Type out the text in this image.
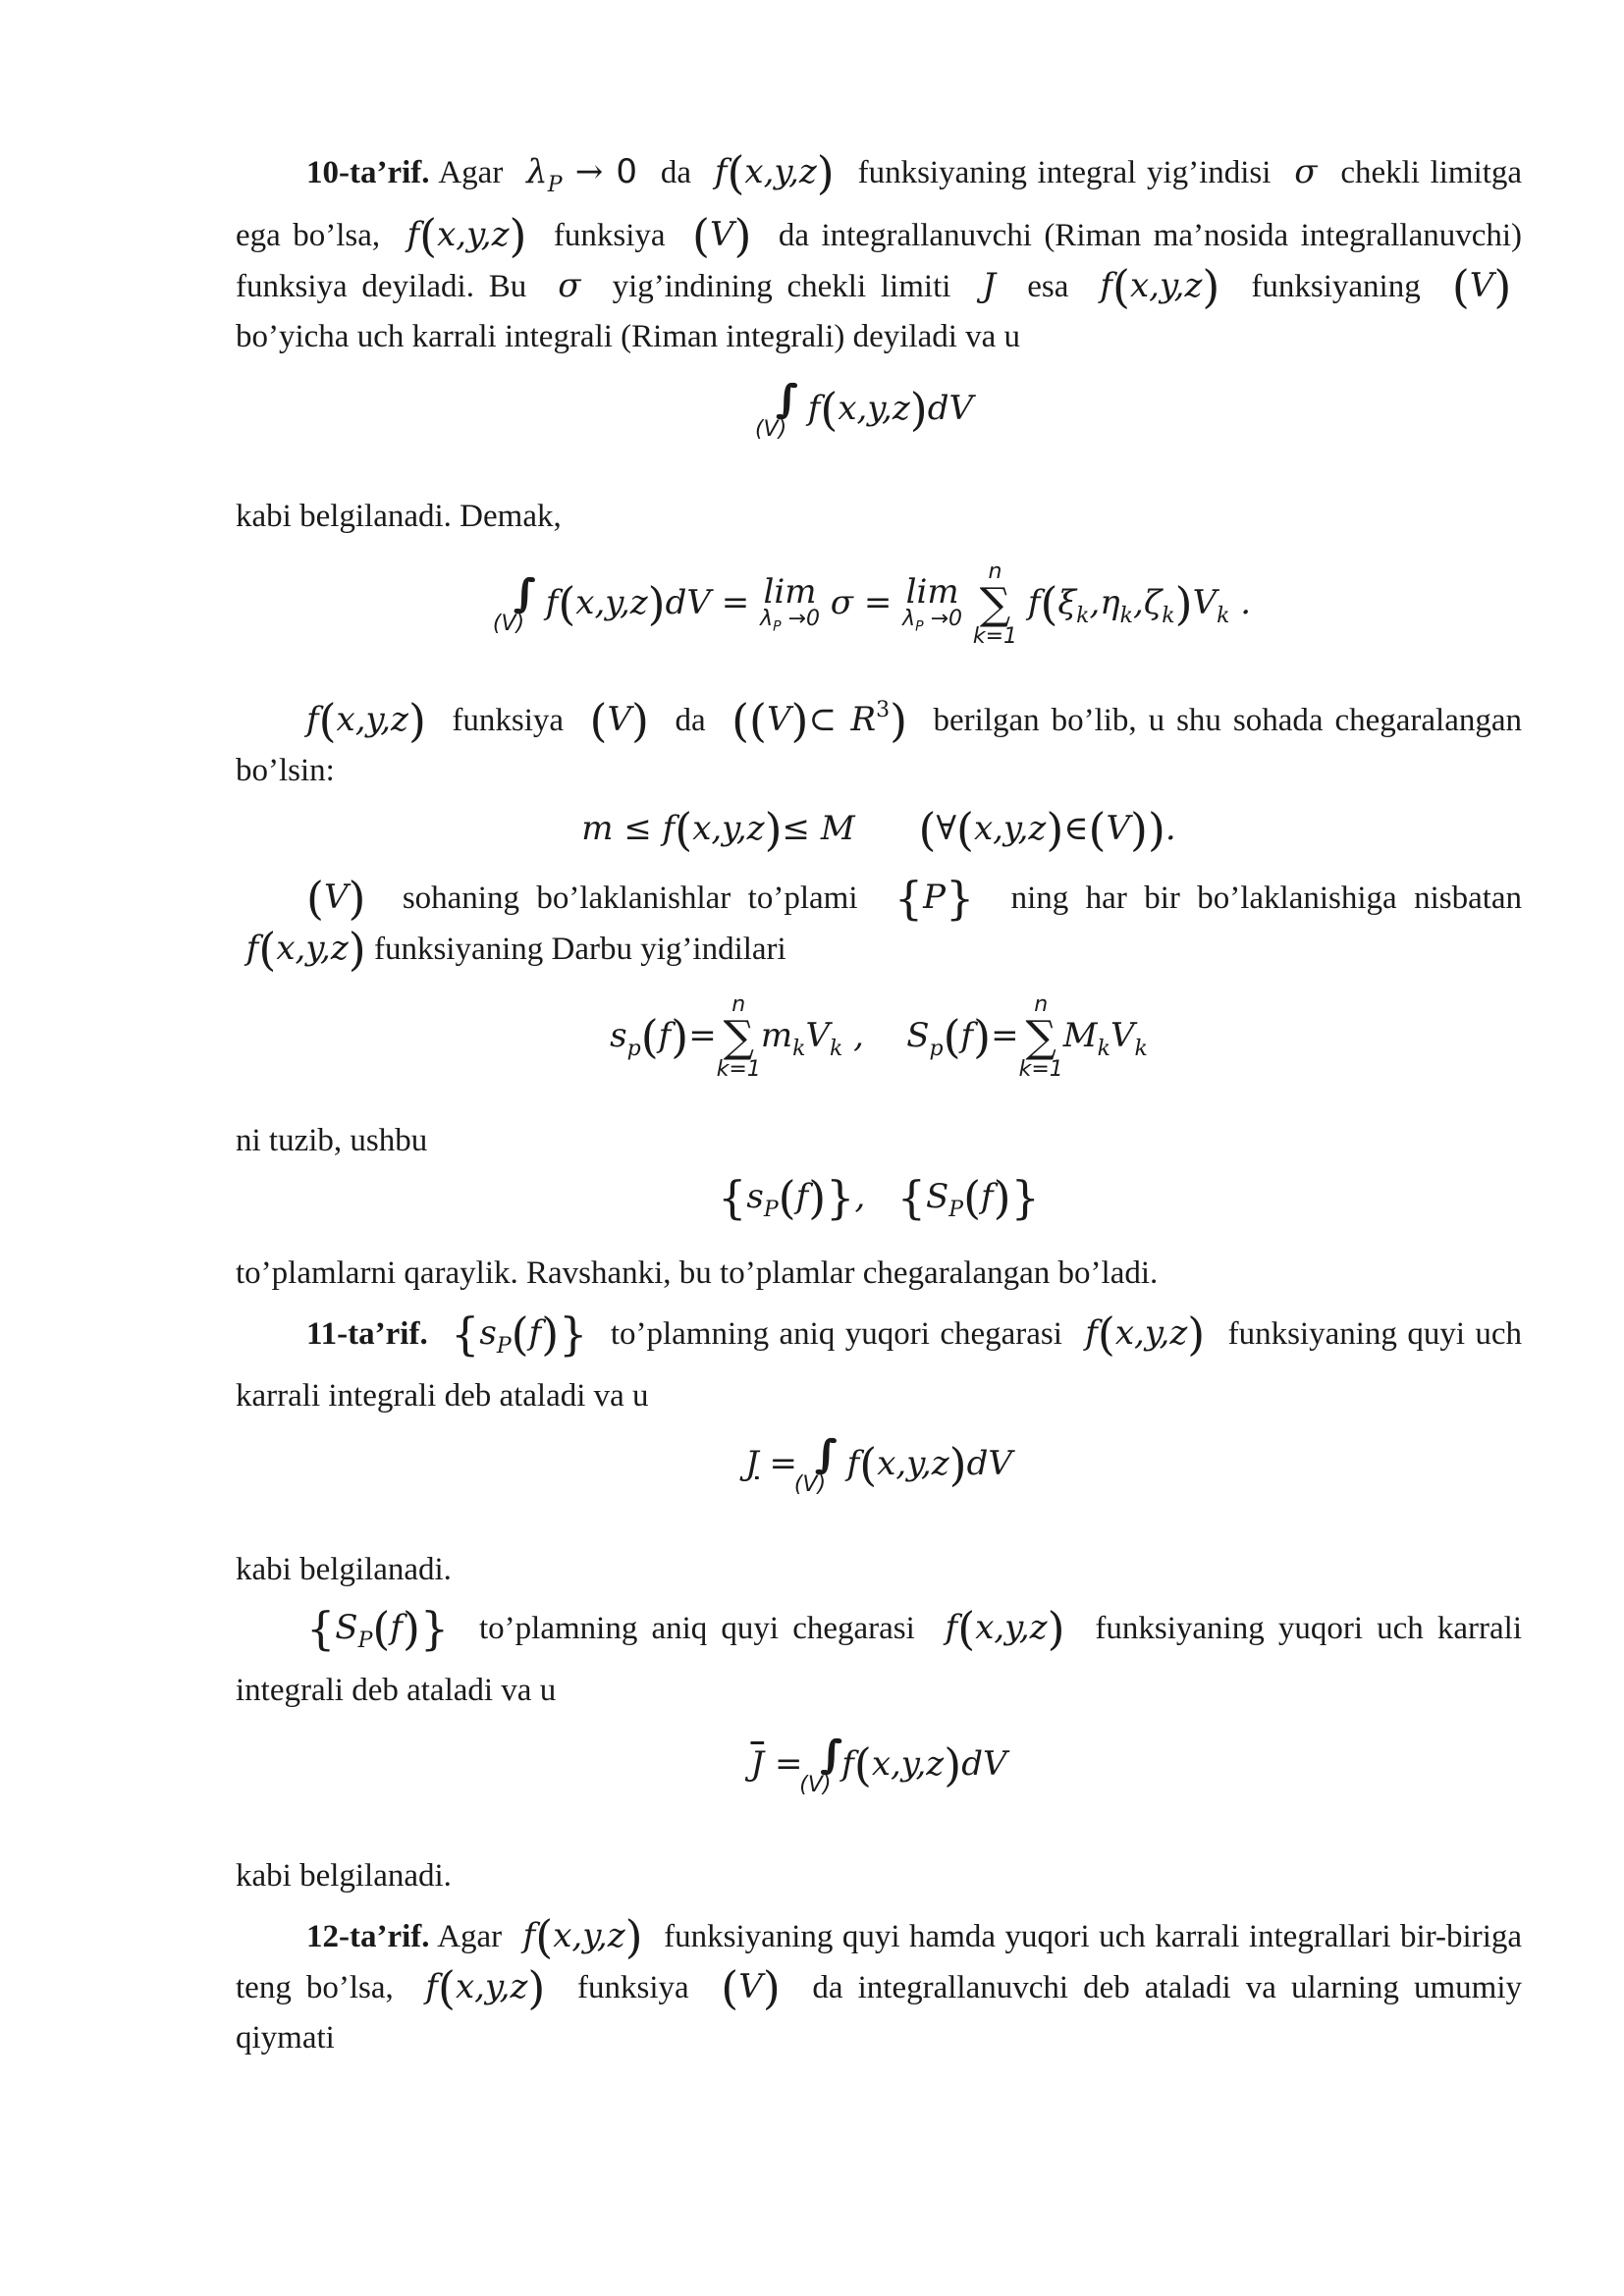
10-ta’rif. Agar  $\lambda_P \to 0$ da  f(x,y,z) funksiyaning integral yig’indisi  σ  chekli limitga ega bo’lsa,  f(x,y,z) funksiya (V) da integrallanuvchi (Riman ma’nosida integrallanuvchi) funksiya deyiladi. Bu  σ  yig’indining chekli limiti  J  esa  f(x,y,z) funksiyaning (V)  bo’yicha uch karrali integrali (Riman integrali) deyiladi va u

(V)
f(x,y,z)dV

kabi belgilanadi. Demak,

(V)
f(x,y,z)dV = lim
$\lambda_P \to 0$ σ = lim
$\lambda_P \to 0$

n
∑
k=1
$f(\xi_k,\eta_k,\zeta_k)V_k$ .

f(x,y,z) funksiya (V) da ((V)⊂ $R^3$) berilgan bo’lib, u shu sohada chegaralangan bo’lsin:

m ≤ f(x,y,z)≤ M      (∀(x,y,z)∈(V)).

(V) sohaning bo’laklanishlar to’plami {P} ning har bir bo’laklanishiga nisbatan  f(x,y,z) funksiyaning Darbu yig’indilari

$s_p(f)=$
n
∑
k=1
$m_kV_k$ ,    $S_p(f)=$
n
∑
k=1
$M_kV_k$

ni tuzib, ushbu

$\{s_P(f)\}$,   $\{S_P(f)\}$

to’plamlarni qaraylik. Ravshanki, bu to’plamlar chegaralangan bo’ladi.

11-ta’rif. $\{s_P(f)\}$ to’plamning aniq yuqori chegarasi  f(x,y,z) funksiyaning quyi uch karrali integrali deb ataladi va u

J =
(V)
f(x,y,z)dV

kabi belgilanadi.

$\{S_P(f)\}$ to’plamning aniq quyi chegarasi  f(x,y,z) funksiyaning yuqori uch karrali integrali deb ataladi va u

$\overline{J}$ =
(V)
f(x,y,z)dV

kabi belgilanadi.

12-ta’rif. Agar  f(x,y,z) funksiyaning quyi hamda yuqori uch karrali integrallari bir-biriga teng bo’lsa,  f(x,y,z) funksiya (V) da integrallanuvchi deb ataladi va ularning umumiy qiymati
